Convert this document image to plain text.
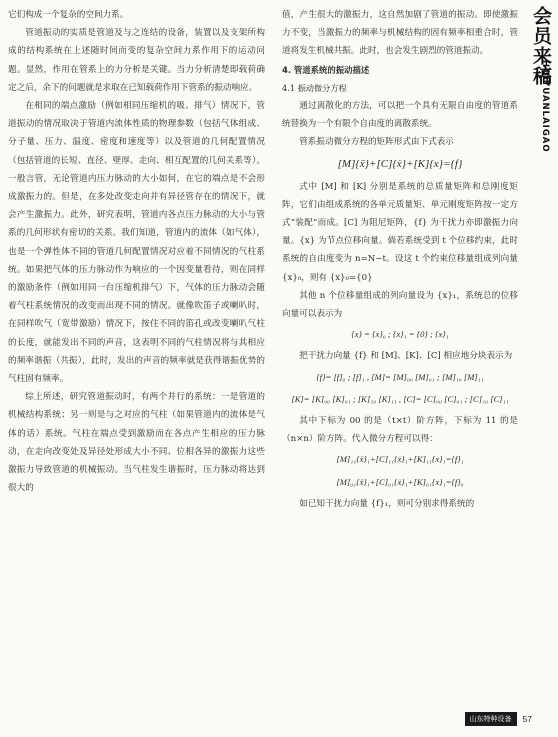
会员来稿
HUIYUANLAIGAO

它们构成一个复杂的空间力系。

管道振动的实质是管道及与之连结的设备，装置以及支架所构成的结构系统在上述随时间而变的复杂空间力系作用下的运动问题。显然，作用在管系上的力分析是关键。当力分析清楚即载荷确定之后，余下的问题就是求取在已知载荷作用下管系的振动响应。

在相同的端点激励（例如相同压缩机的吸、排气）情况下，管道振动的情况取决于管道内流体性质的物理参数（包括气体组成、分子量、压力、温度、密度和速度等）以及管道的几何配置情况（包括管道的长短、直径、壁厚、走向、相互配置的几何关系等）。一般言管，无论管道内压力脉动的大小如何，在它的端点是不会形成激振力的。但是，在多处改变走向并有异径管存在的情况下，就会产生激振力。此外，研究表明，管道内各点压力脉动的大小与管系的几何形状有密切的关系。我们知道，管道内的流体（如气体），也是一个弹性体不同的管道几何配置情况对应着不同情况的气柱系统。如果把气体的压力脉动作为响应的一个因变量看待，则在同样的激励条件（例如用同一台压缩机排气）下，气体的压力脉动会随着气柱系统情况的改变而出现不同的情况。就像吹笛子或喇叭时，在同样吹气（宽带激励）情况下，按住不同的笛孔或改变喇叭气柱的长度，就能发出不同的声音，这表明不同的气柱情况将与其相应的频率谐振（共振），此时，发出的声音的频率就是获得谐振优势的气柱固有频率。

综上所述，研究管道振动时，有两个并行的系统：一是管道的机械结构系统；另一则是与之对应的气柱（如果管道内的流体是气体的话）系统。气柱在端点受到激励而在各点产生相应的压力脉动，在走向改变处及异径处形成大小不同、位相各异的激振力这些激振力导致管道的机械振动。当气柱发生谐振时，压力脉动将达到很大的

值，产生很大的激振力，这自然加剧了管道的振动。即使激振力不变，当激振力的频率与机械结构的固有频率相重合时，管道将发生机械共振。此时，也会发生剧烈的管道振动。

4. 管道系统的振动描述

4.1 振动微分方程

通过离散化的方法，可以把一个具有无限自由度的管道系统替换为一个有限个自由度的离散系统。

管系振动微分方程的矩阵形式由下式表示

[M]{ẍ}+[C]{ẋ}+[K]{x}={f}

式中 [M] 和 [K] 分别是系统的总质量矩阵和总刚度矩阵，它们由组成系统的各单元质量矩、单元刚度矩阵按一定方式“装配”而成。[C] 为阻尼矩阵，{f} 为干扰力亦即激振力向量。{x} 为节点位移向量。倘若系统受到 t 个位移约束，此时系统的自由度变为 n=N−t。设这 t 个约束位移量组成列向量 {x}₀，则有 {x}₀={0}

其他 n 个位移量组成的列向量设为 {x}₁，系统总的位移向量可以表示为

{x} = {x}₀ ; {x}₁ = {0} ; {x}₁

把干扰力向量 {f} 和 [M]、[K]、[C] 相应地分块表示为

{f}= [f]₀ ; [f]₁ , [M]= [M]₀₀ [M]₀₁ ; [M]₁₀ [M]₁₁
[K]= [K]₀₀ [K]₀₁ ; [K]₁₀ [K]₁₁ , [C]= [C]₀₀ [C]₀₁ ; [C]₁₀ [C]₁₁

其中下标为 00 的是（t×t）阶方阵，下标为 11 的是（n×n）阶方阵。代入微分方程可以得：

[M]₁₁{ẍ}₁+[C]₁₁{ẋ}₁+[K]₁₁{x}₁={f}₁
[M]₀₁{ẍ}₁+[C]₀₁{ẋ}₁+[K]₀₁{x}₁={f}₀

如已知干扰力向量 {f}₁，则可分别求得系统的

山东特种设备	57
